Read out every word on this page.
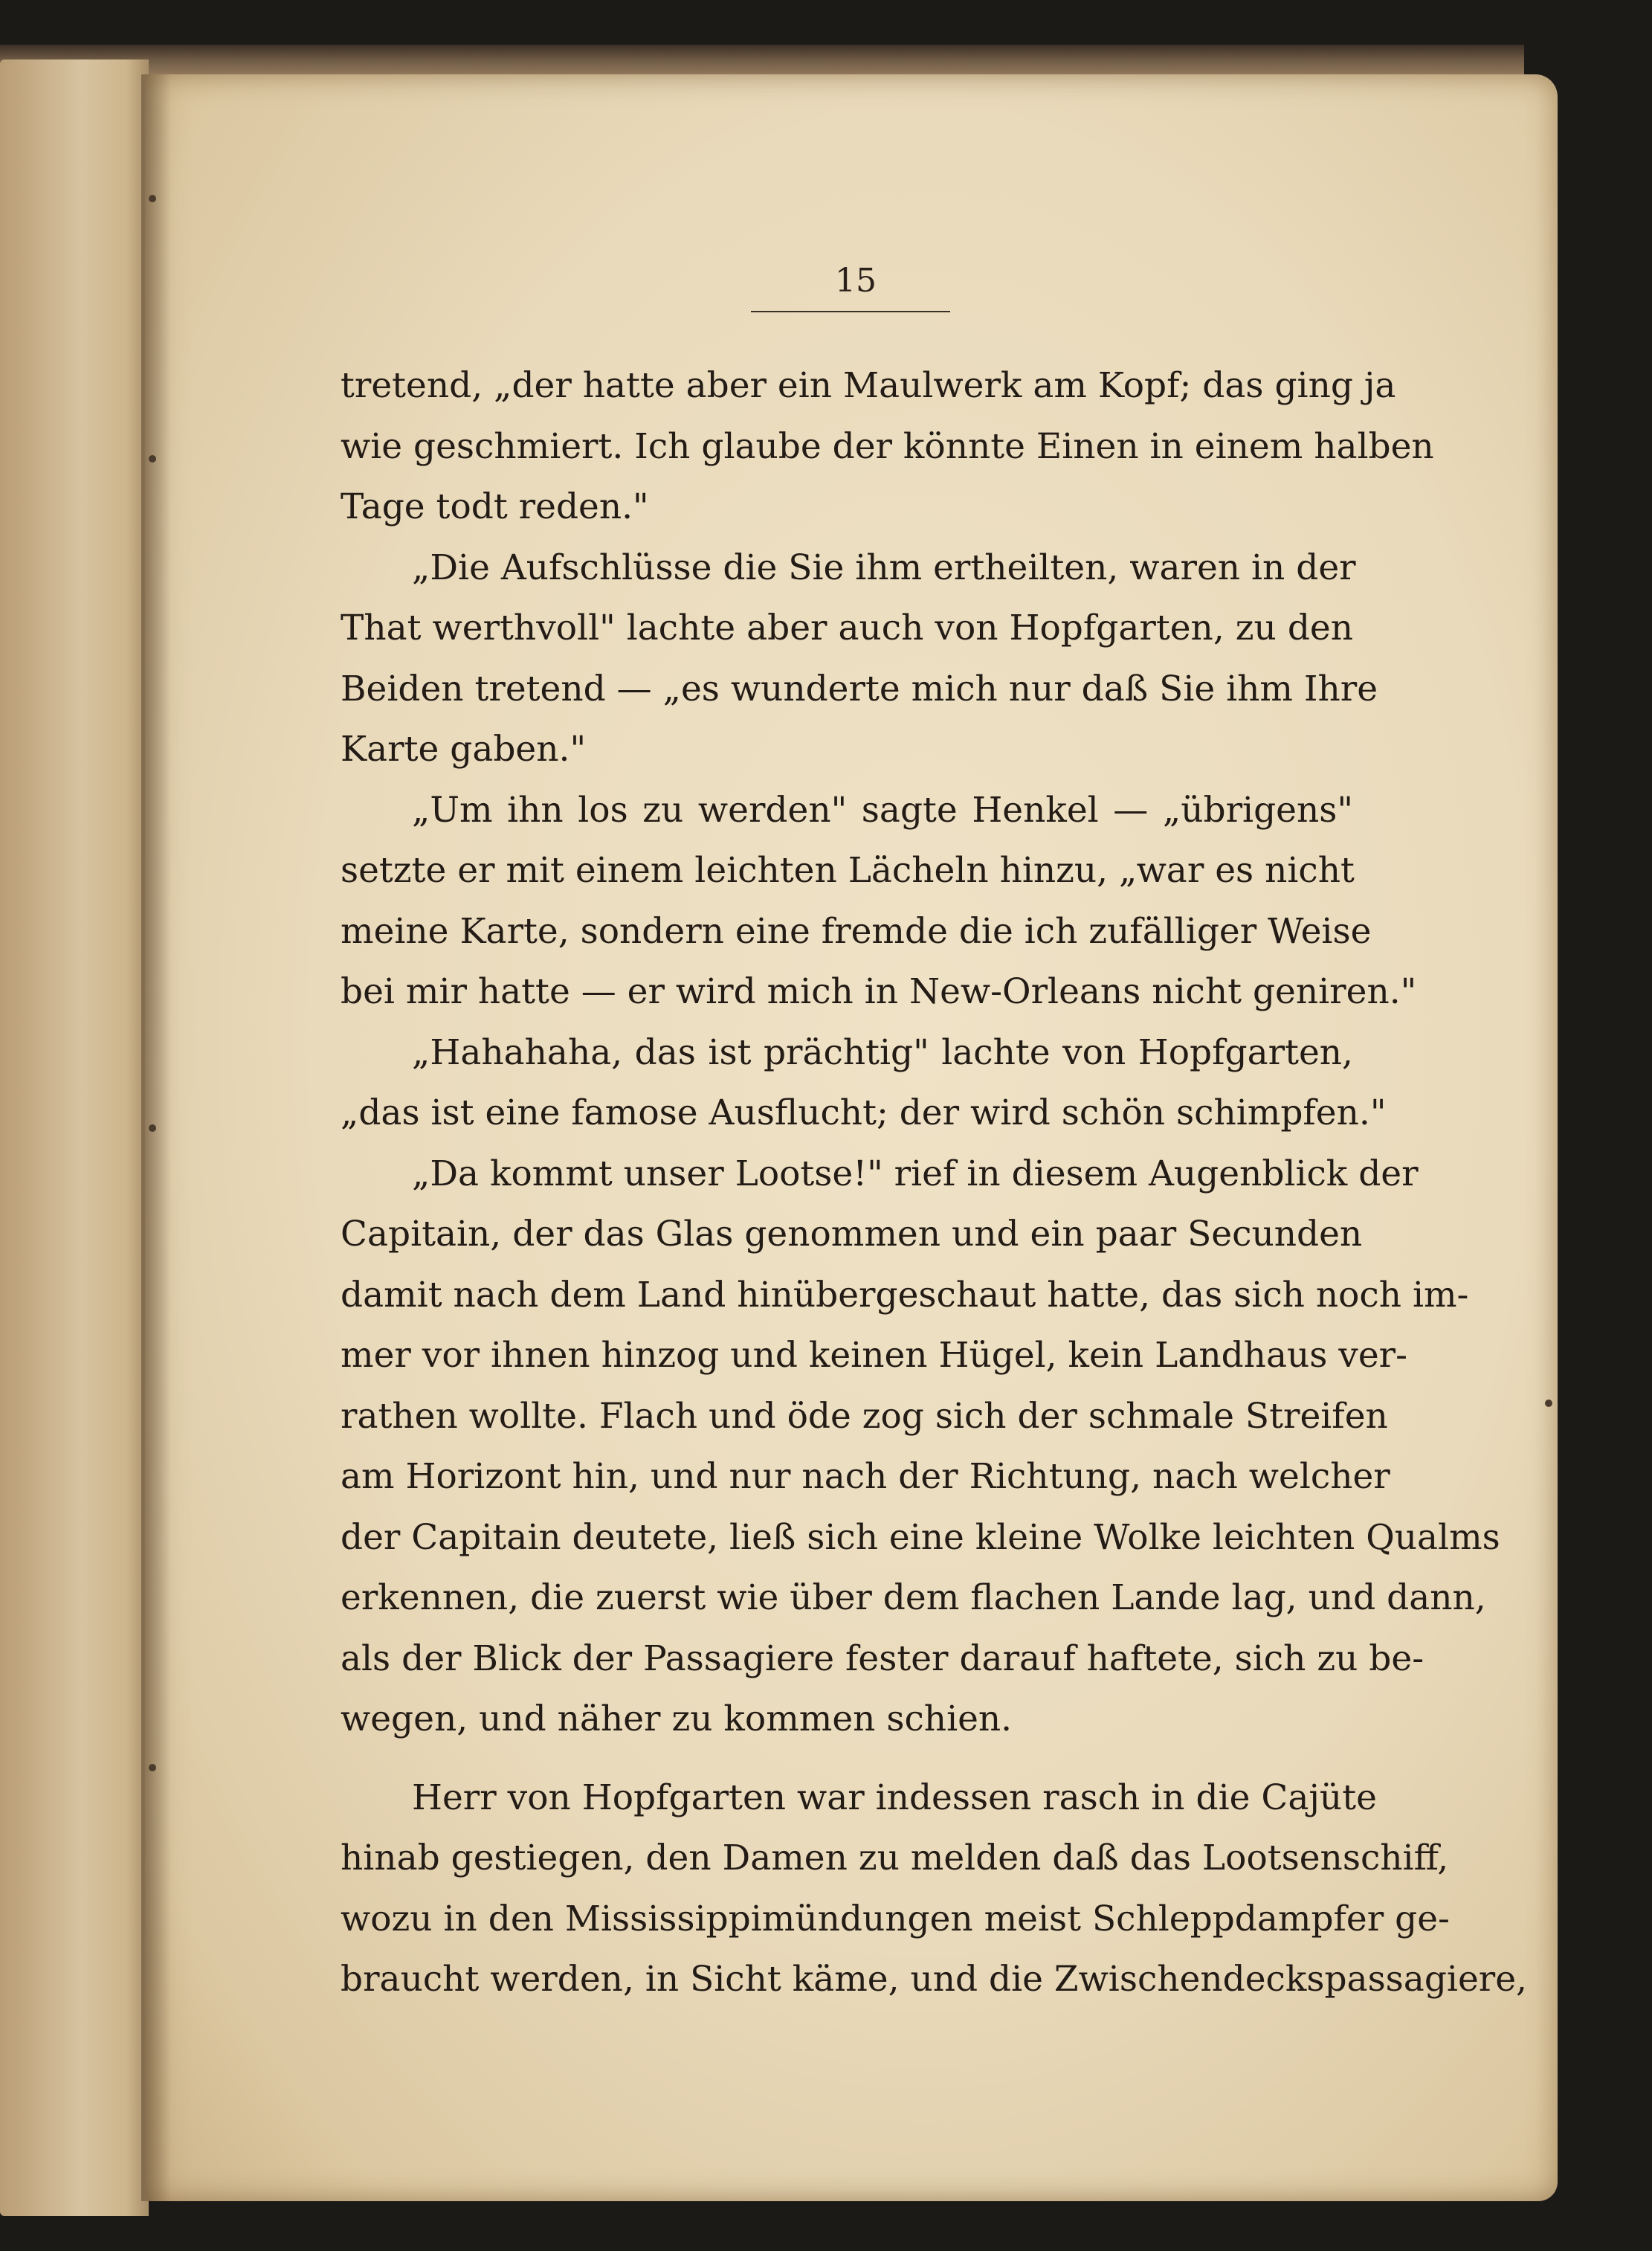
15
tretend, „der hatte aber ein Maulwerk am Kopf; das ging ja
wie geschmiert. Ich glaube der könnte Einen in einem halben
Tage todt reden."
„Die Aufschlüsse die Sie ihm ertheilten, waren in der
That werthvoll" lachte aber auch von Hopfgarten, zu den
Beiden tretend — „es wunderte mich nur daß Sie ihm Ihre
Karte gaben."
„Um ihn los zu werden" sagte Henkel — „übrigens"
setzte er mit einem leichten Lächeln hinzu, „war es nicht
meine Karte, sondern eine fremde die ich zufälliger Weise
bei mir hatte — er wird mich in New-Orleans nicht geniren."
„Hahahaha, das ist prächtig" lachte von Hopfgarten,
„das ist eine famose Ausflucht; der wird schön schimpfen."
„Da kommt unser Lootse!" rief in diesem Augenblick der
Capitain, der das Glas genommen und ein paar Secunden
damit nach dem Land hinübergeschaut hatte, das sich noch im-
mer vor ihnen hinzog und keinen Hügel, kein Landhaus ver-
rathen wollte. Flach und öde zog sich der schmale Streifen
am Horizont hin, und nur nach der Richtung, nach welcher
der Capitain deutete, ließ sich eine kleine Wolke leichten Qualms
erkennen, die zuerst wie über dem flachen Lande lag, und dann,
als der Blick der Passagiere fester darauf haftete, sich zu be-
wegen, und näher zu kommen schien.
Herr von Hopfgarten war indessen rasch in die Cajüte
hinab gestiegen, den Damen zu melden daß das Lootsenschiff,
wozu in den Mississippimündungen meist Schleppdampfer ge-
braucht werden, in Sicht käme, und die Zwischendeckspassagiere,
